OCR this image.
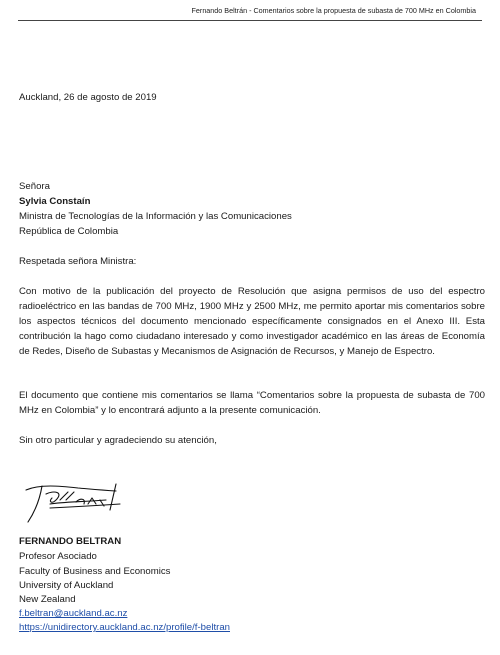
Fernando Beltrán - Comentarios sobre la propuesta de subasta de 700 MHz en Colombia
Auckland, 26 de agosto de 2019
Señora
Sylvia Constaín
Ministra de Tecnologías de la Información y las Comunicaciones
República de Colombia
Respetada señora Ministra:
Con motivo de la publicación del proyecto de Resolución que asigna permisos de uso del espectro radioeléctrico en las bandas de 700 MHz, 1900 MHz y 2500 MHz, me permito aportar mis comentarios sobre los aspectos técnicos del documento mencionado específicamente consignados en el Anexo III. Esta contribución la hago como ciudadano interesado y como investigador académico en las áreas de Economía de Redes, Diseño de Subastas y Mecanismos de Asignación de Recursos, y Manejo de Espectro.
El documento que contiene mis comentarios se llama “Comentarios sobre la propuesta de subasta de 700 MHz en Colombia” y lo encontrará adjunto a la presente comunicación.
Sin otro particular y agradeciendo su atención,
FERNANDO BELTRAN
Profesor Asociado
Faculty of Business and Economics
University of Auckland
New Zealand
f.beltran@auckland.ac.nz
https://unidirectory.auckland.ac.nz/profile/f-beltran
